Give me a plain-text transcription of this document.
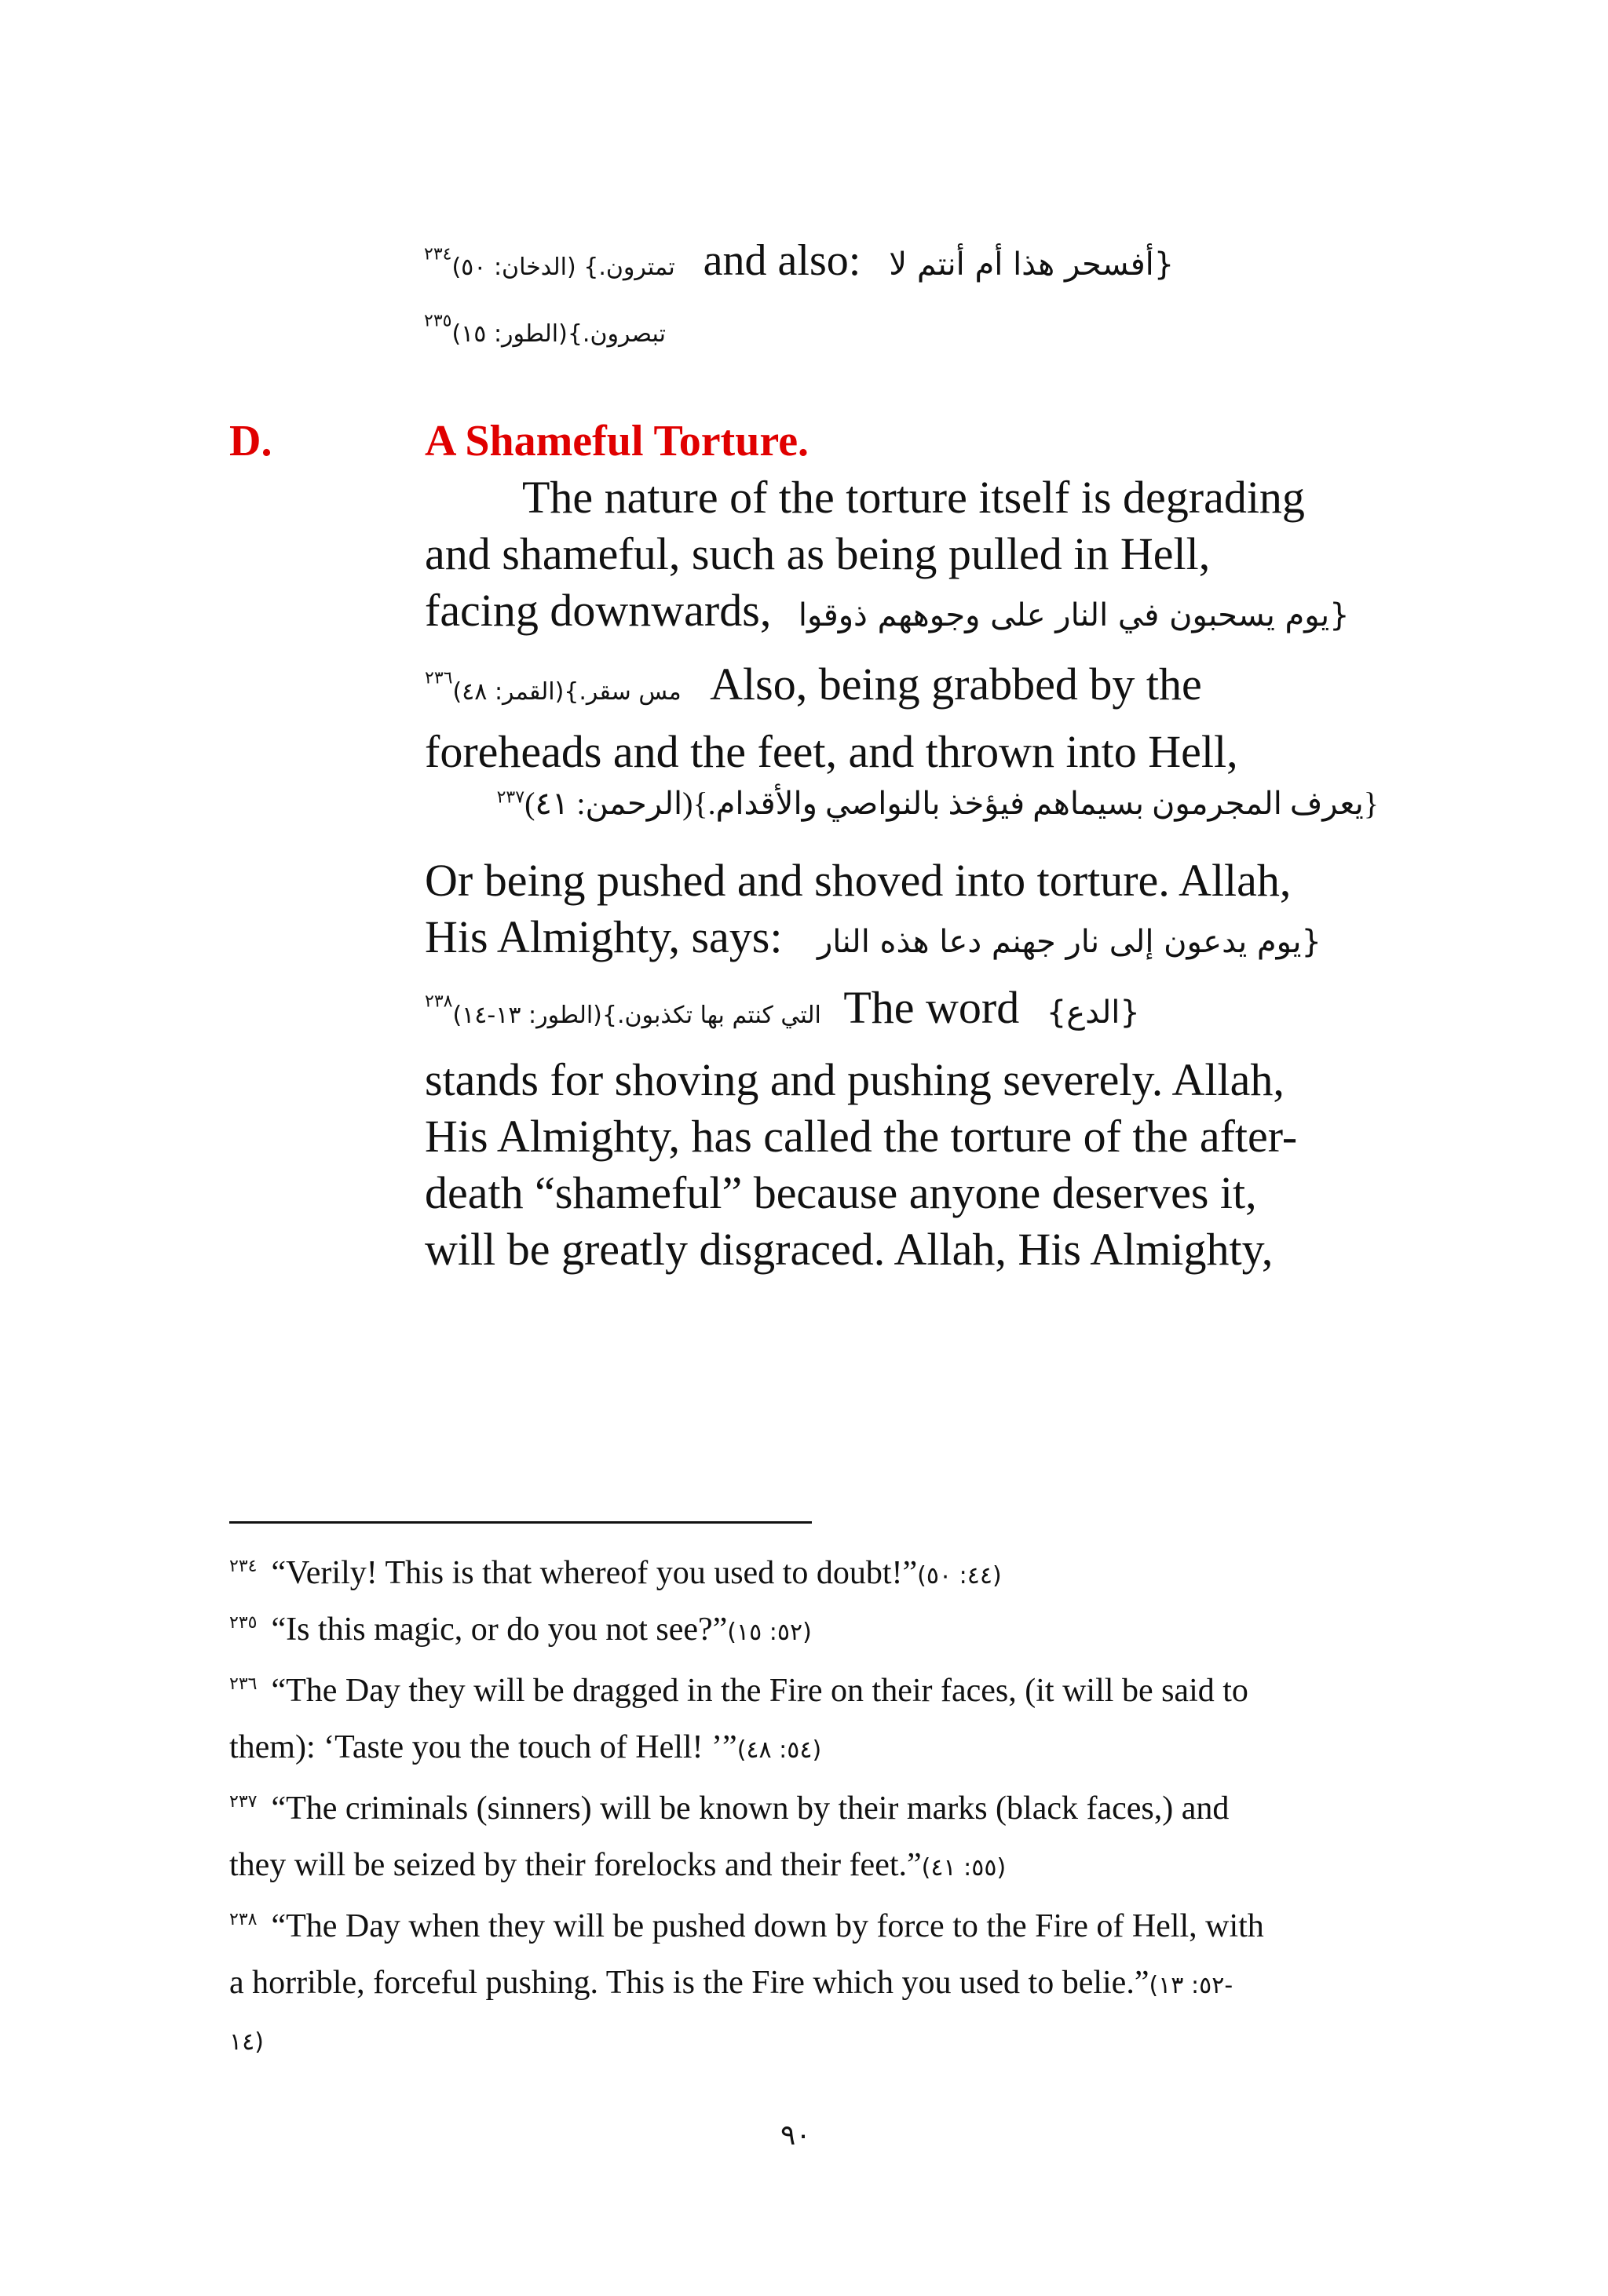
$^{٢٣٤}$تمترون.} (الدخان: ٥٠) and also: {أفسحر هذا أم أنتم لا
$^{٢٣٥}$تبصرون.}(الطور: ١٥)
D.	A Shameful Torture.
The nature of the torture itself is degrading
and shameful, such as being pulled in Hell,
facing downwards, {يوم يسحبون في النار على وجوههم ذوقوا
$^{٢٣٦}$مس سقر.}(القمر: ٤٨) Also, being grabbed by the
foreheads and the feet, and thrown into Hell,
{يعرف المجرمون بسيماهم فيؤخذ بالنواصي والأقدام.}(الرحمن: ٤١)$^{٢٣٧}$
Or being pushed and shoved into torture. Allah,
His Almighty, says: {يوم يدعون إلى نار جهنم دعا هذه النار
$^{٢٣٨}$التي كنتم بها تكذبون.}(الطور: ١٣-١٤) The word {الدع}
stands for shoving and pushing severely. Allah,
His Almighty, has called the torture of the after-
death “shameful” because anyone deserves it,
will be greatly disgraced. Allah, His Almighty,
$^{٢٣٤}$ “Verily! This is that whereof you used to doubt!”(٤٤: ٥٠)
$^{٢٣٥}$ “Is this magic, or do you not see?”(٥٢: ١٥)
$^{٢٣٦}$ “The Day they will be dragged in the Fire on their faces, (it will be said to
them): ‘Taste you the touch of Hell! ’”(٥٤: ٤٨)
$^{٢٣٧}$ “The criminals (sinners) will be known by their marks (black faces,) and
they will be seized by their forelocks and their feet.”(٥٥: ٤١)
$^{٢٣٨}$ “The Day when they will be pushed down by force to the Fire of Hell, with
a horrible, forceful pushing. This is the Fire which you used to belie.”(٥٢: ١٣-
١٤)
٩٠
